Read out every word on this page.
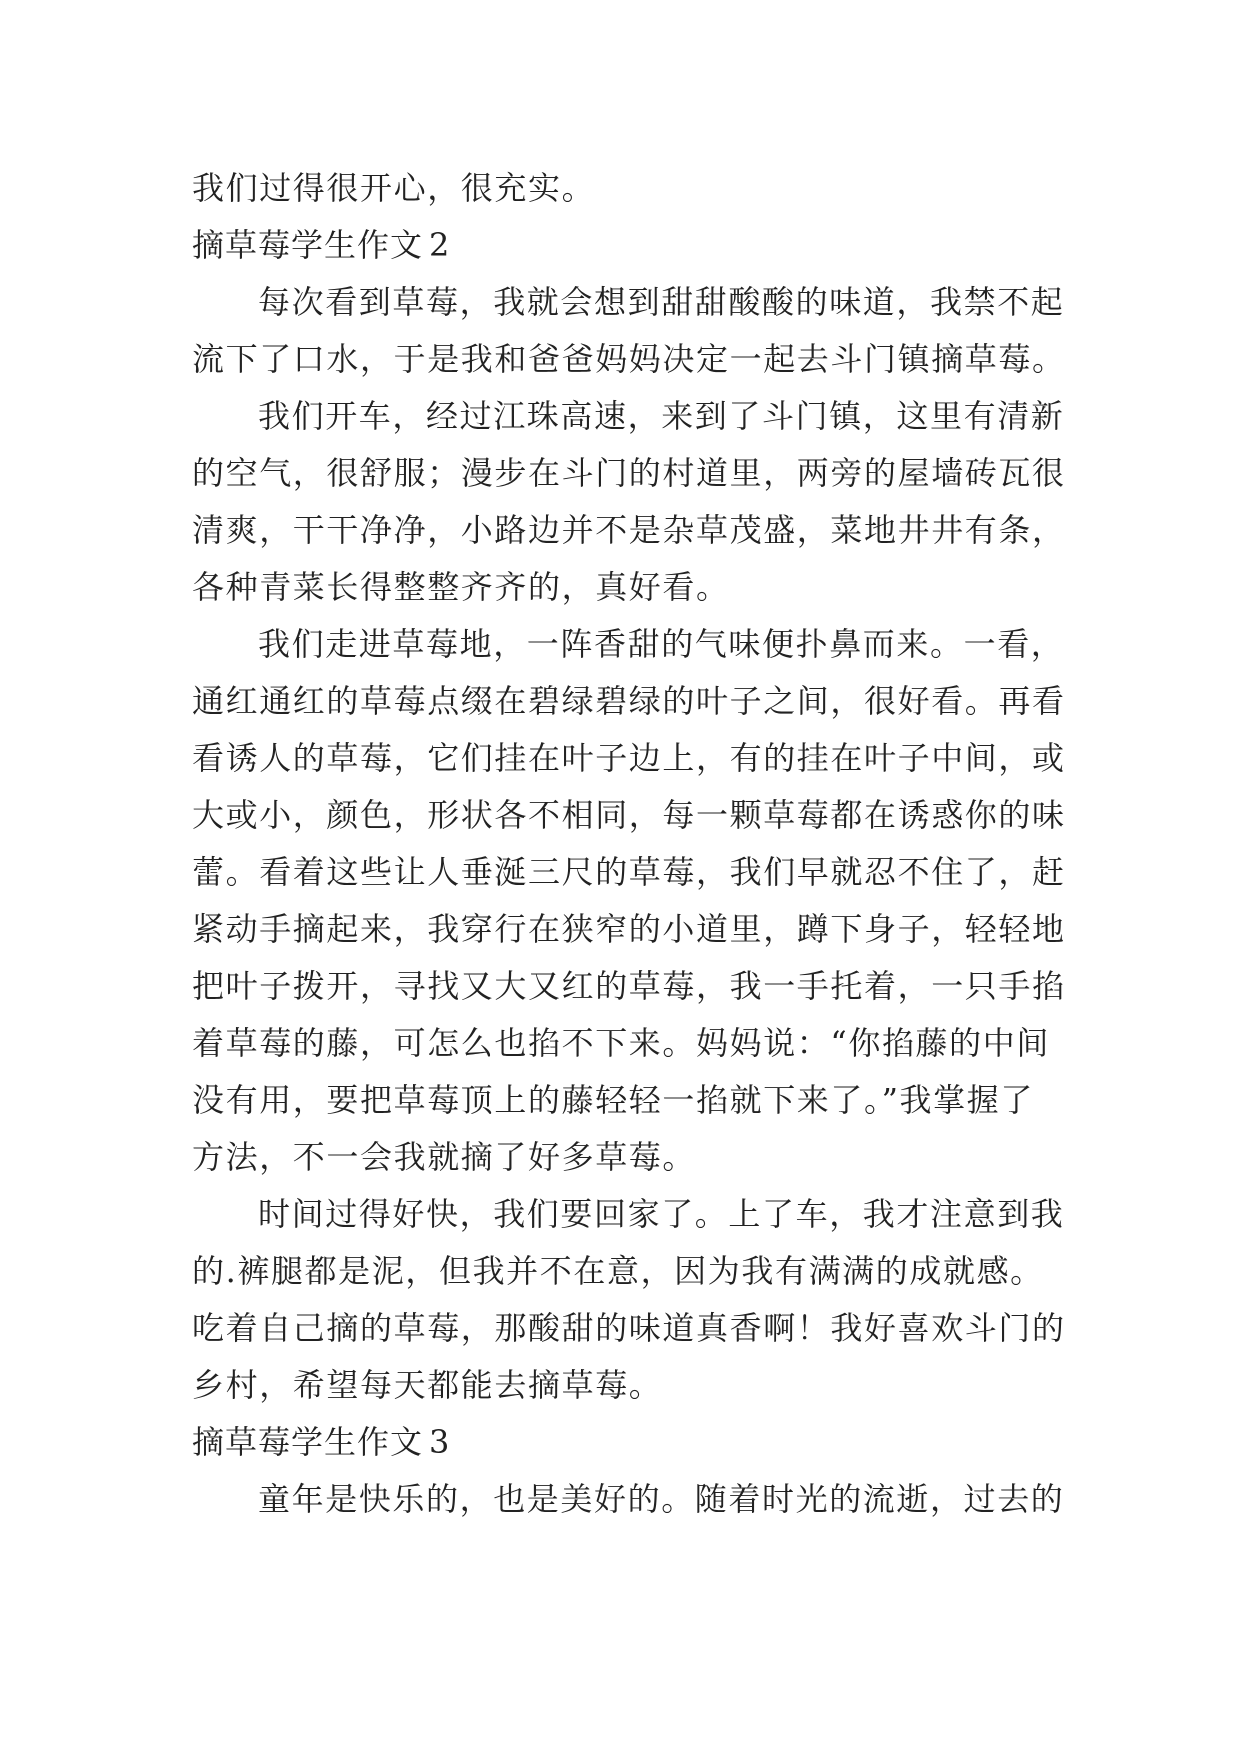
我们过得很开心，很充实。
摘草莓学生作文 2
每次看到草莓，我就会想到甜甜酸酸的味道，我禁不起
流下了口水，于是我和爸爸妈妈决定一起去斗门镇摘草莓。
我们开车，经过江珠高速，来到了斗门镇，这里有清新
的空气，很舒服；漫步在斗门的村道里，两旁的屋墙砖瓦很
清爽，干干净净，小路边并不是杂草茂盛，菜地井井有条，
各种青菜长得整整齐齐的，真好看。
我们走进草莓地，一阵香甜的气味便扑鼻而来。一看，
通红通红的草莓点缀在碧绿碧绿的叶子之间，很好看。再看
看诱人的草莓，它们挂在叶子边上，有的挂在叶子中间，或
大或小，颜色，形状各不相同，每一颗草莓都在诱惑你的味
蕾。看着这些让人垂涎三尺的草莓，我们早就忍不住了，赶
紧动手摘起来，我穿行在狭窄的小道里，蹲下身子，轻轻地
把叶子拨开，寻找又大又红的草莓，我一手托着，一只手掐
着草莓的藤，可怎么也掐不下来。妈妈说：“你掐藤的中间
没有用，要把草莓顶上的藤轻轻一掐就下来了。”我掌握了
方法，不一会我就摘了好多草莓。
时间过得好快，我们要回家了。上了车，我才注意到我
的.裤腿都是泥，但我并不在意，因为我有满满的成就感。
吃着自己摘的草莓，那酸甜的味道真香啊！我好喜欢斗门的
乡村，希望每天都能去摘草莓。
摘草莓学生作文 3
童年是快乐的，也是美好的。随着时光的流逝，过去的
